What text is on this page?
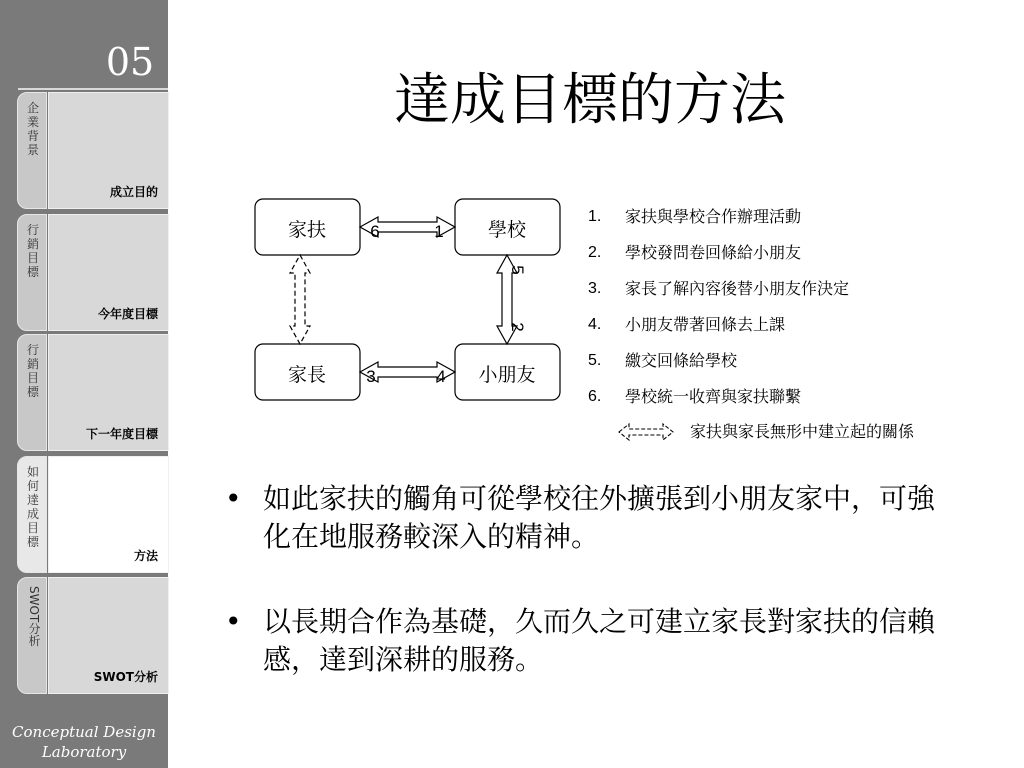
05
企業背景
成立目的
行銷目標
今年度目標
行銷目標
下一年度目標
如何達成目標
方法
SWOT分析
SWOT分析
Conceptual Design
Laboratory
達成目標的方法
家扶	學校
家長	小朋友
6	1
5
2
3	4
1. 家扶與學校合作辦理活動
2. 學校發問卷回條給小朋友
3. 家長了解內容後替小朋友作決定
4. 小朋友帶著回條去上課
5. 繳交回條給學校
6. 學校統一收齊與家扶聯繫
家扶與家長無形中建立起的關係
• 如此家扶的觸角可從學校往外擴張到小朋友家中，可強化在地服務較深入的精神。
• 以長期合作為基礎，久而久之可建立家長對家扶的信賴感，達到深耕的服務。
